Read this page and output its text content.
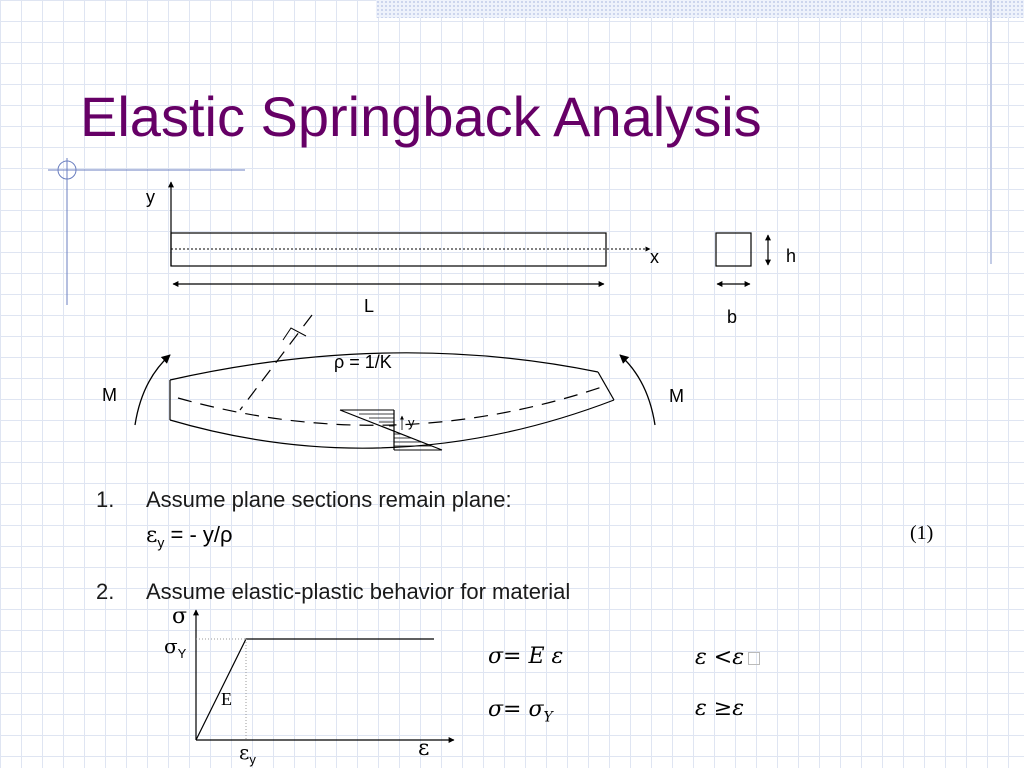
Elastic Springback Analysis
y
x
L
h
b
ρ = 1/K
M	M
y
1. Assume plane sections remain plane:
$\varepsilon_y$ = - y/ρ	(1)
2. Assume elastic-plastic behavior for material
σ
$\sigma_Y$
E
$\varepsilon_y$	ε
σ= E ε	ε <ε
$\sigma= \sigma_Y$	ε ≥ε
